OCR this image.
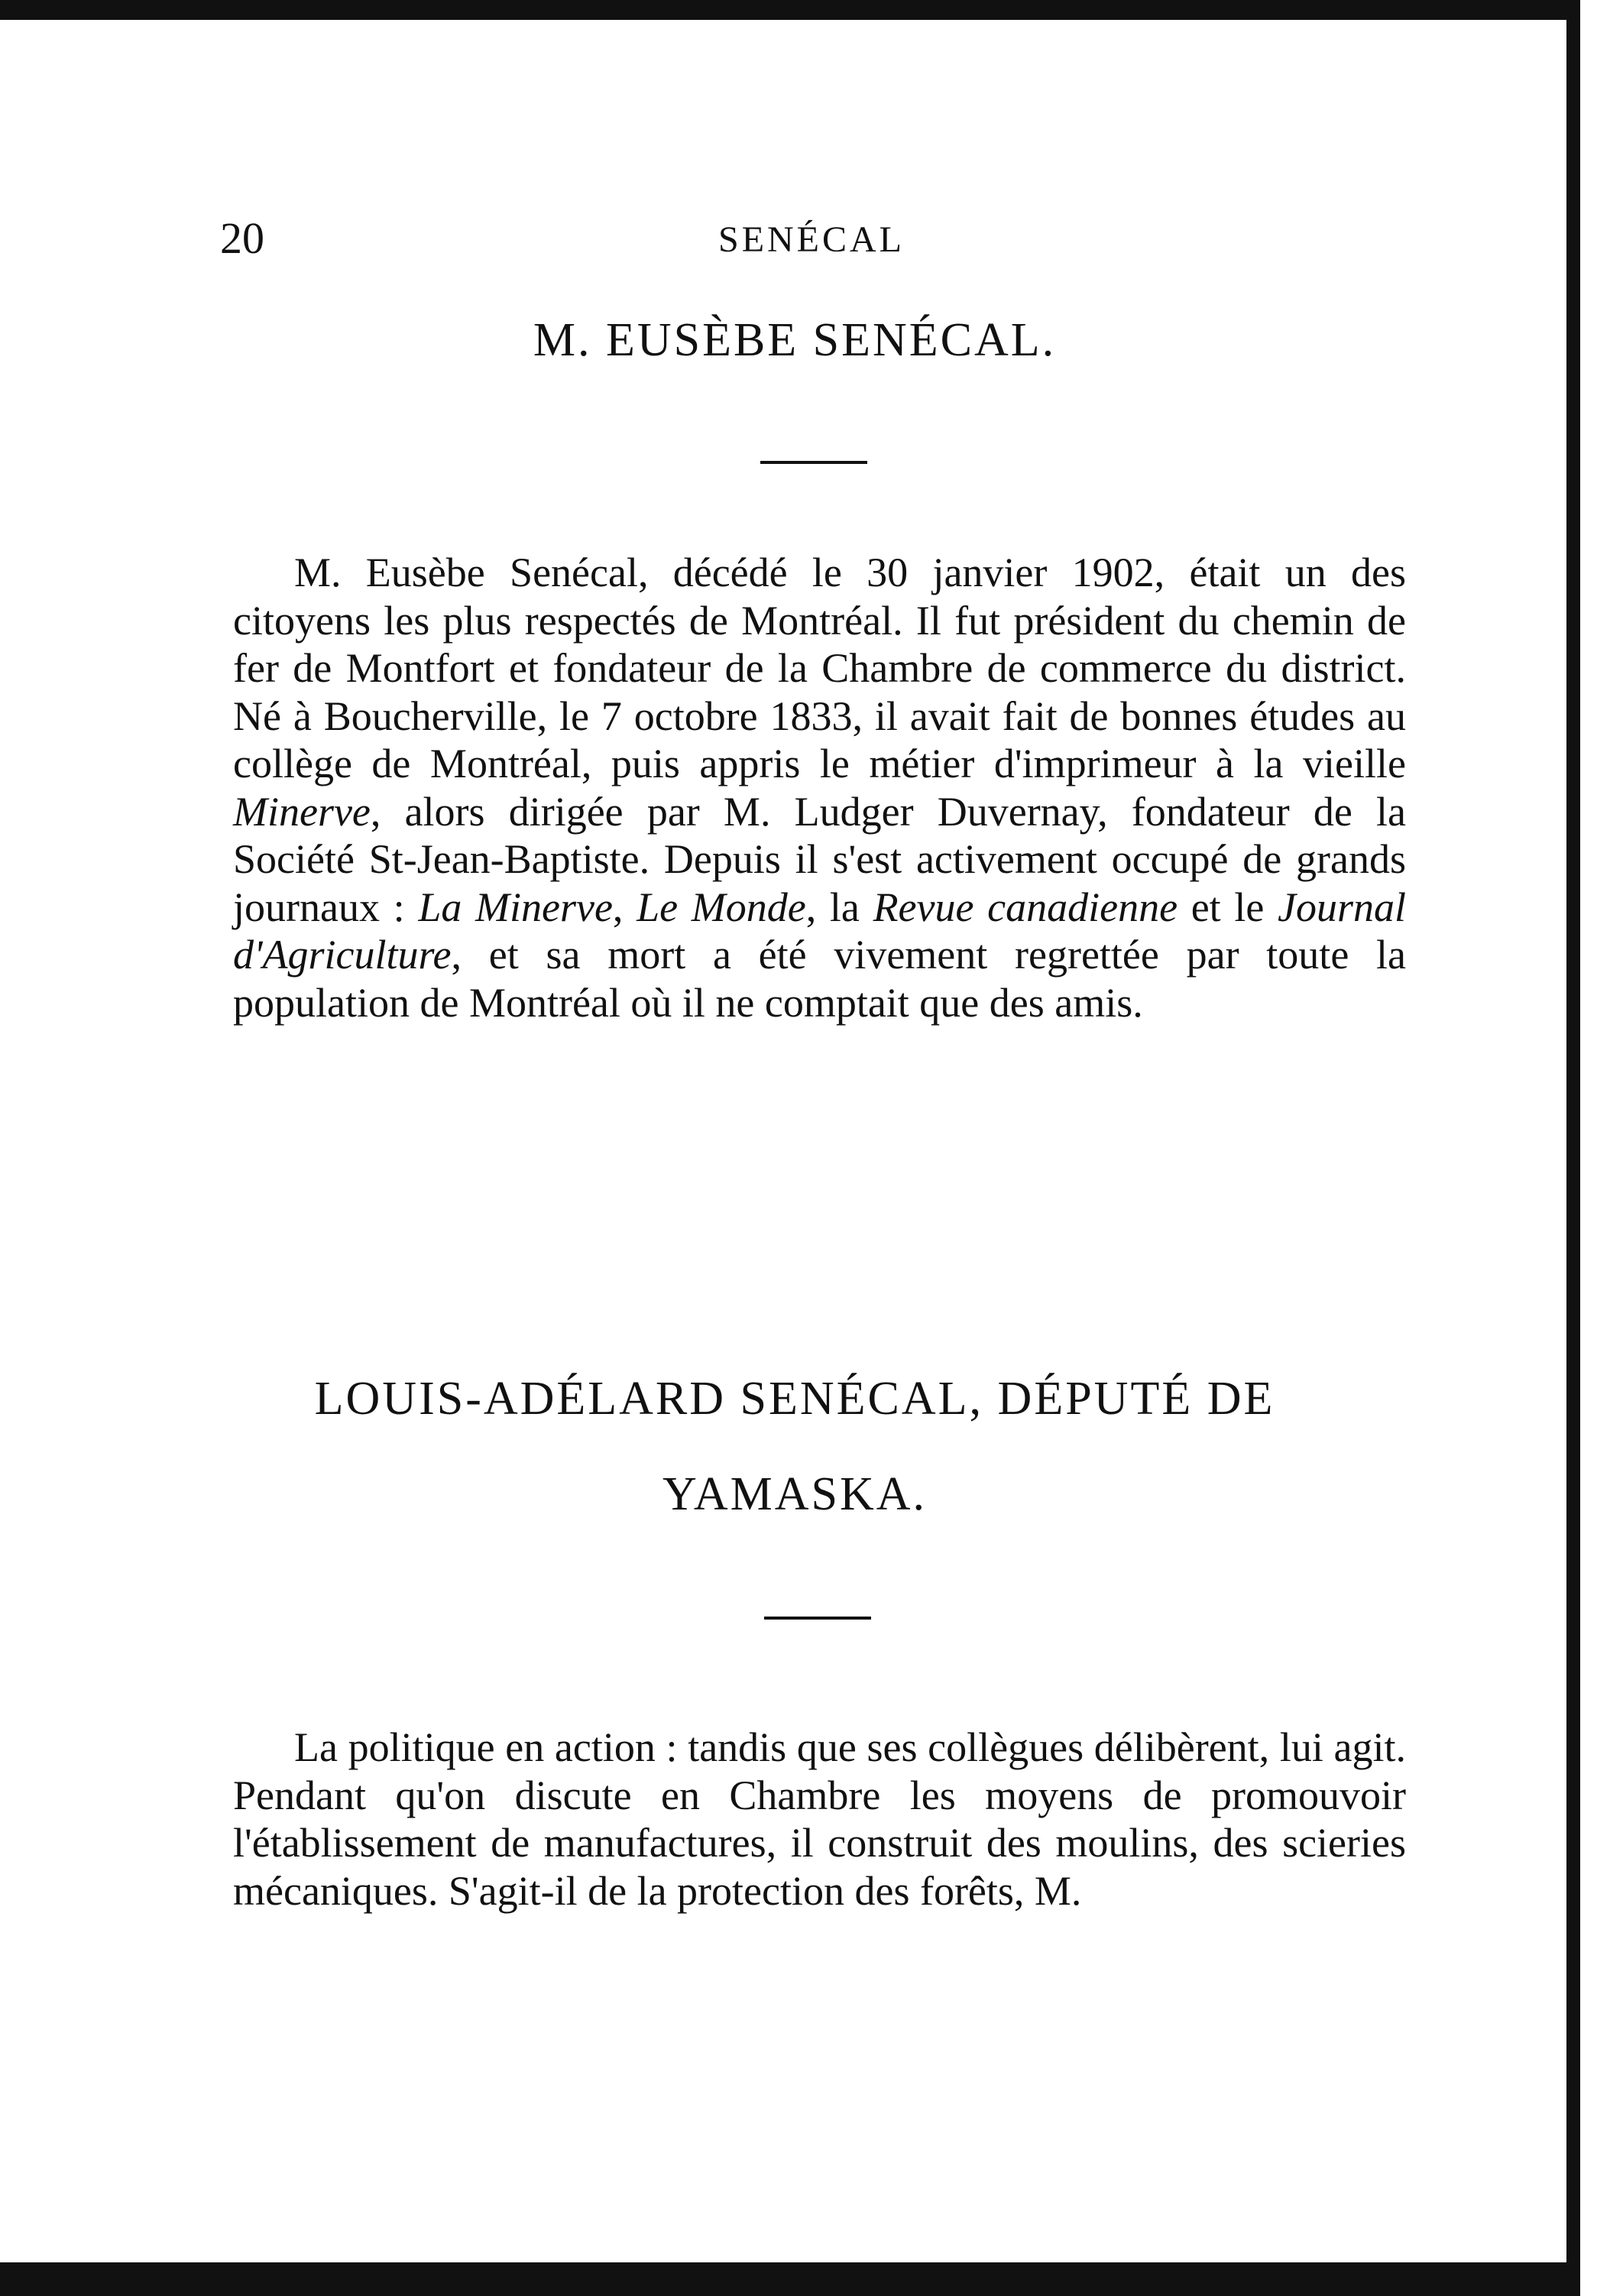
20	SENÉCAL
M. EUSÈBE SENÉCAL.

M. Eusèbe Senécal, décédé le 30 janvier 1902, était un des citoyens les plus respectés de Montréal. Il fut président du chemin de fer de Montfort et fondateur de la Chambre de commerce du district. Né à Boucherville, le 7 octobre 1833, il avait fait de bonnes études au collège de Montréal, puis appris le métier d'imprimeur à la vieille Minerve, alors dirigée par M. Ludger Duvernay, fondateur de la Société St-Jean-Baptiste. Depuis il s'est activement occupé de grands journaux : La Minerve, Le Monde, la Revue canadienne et le Journal d'Agriculture, et sa mort a été vivement regrettée par toute la population de Montréal où il ne comptait que des amis.

LOUIS-ADÉLARD SENÉCAL, DÉPUTÉ DE
YAMASKA.

La politique en action : tandis que ses collègues délibèrent, lui agit. Pendant qu'on discute en Chambre les moyens de promouvoir l'établissement de manufactures, il construit des moulins, des scieries mécaniques. S'agit-il de la protection des forêts, M.
